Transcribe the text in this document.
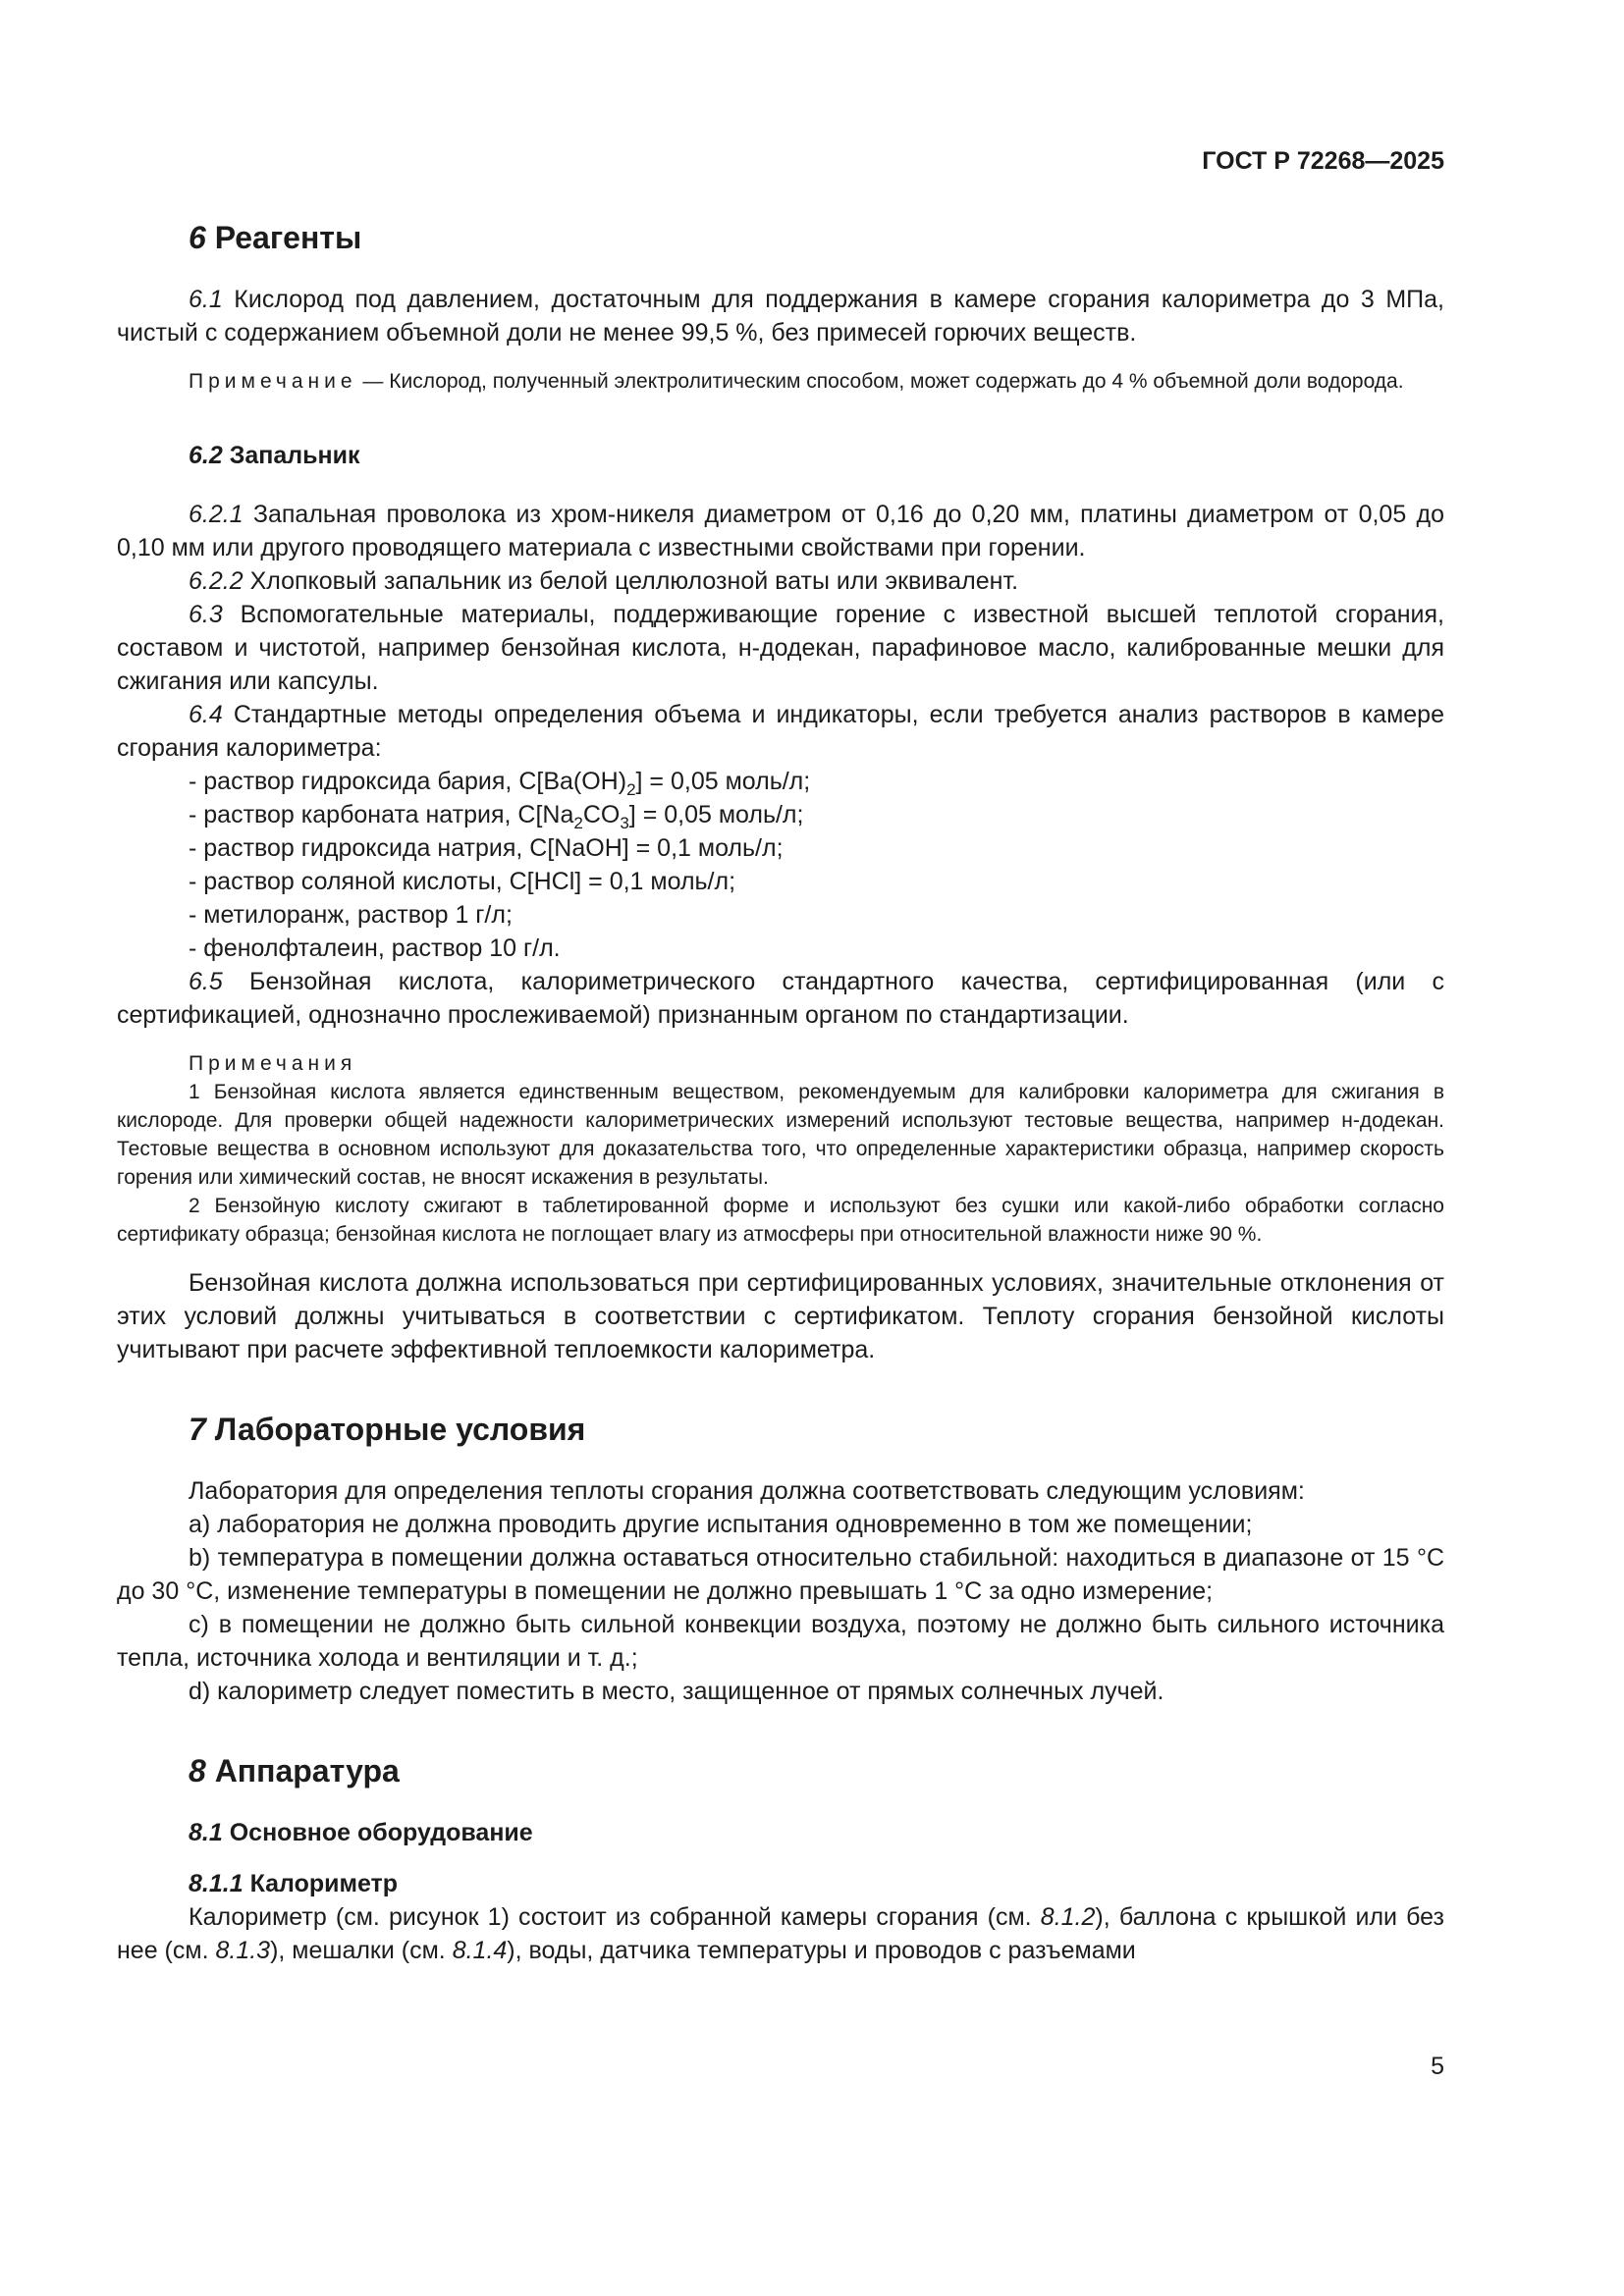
ГОСТ Р 72268—2025
6 Реагенты

6.1 Кислород под давлением, достаточным для поддержания в камере сгорания калориметра до 3 МПа, чистый с содержанием объемной доли не менее 99,5 %, без примесей горючих веществ.

Примечание — Кислород, полученный электролитическим способом, может содержать до 4 % объемной доли водорода.

6.2 Запальник

6.2.1 Запальная проволока из хром-никеля диаметром от 0,16 до 0,20 мм, платины диаметром от 0,05 до 0,10 мм или другого проводящего материала с известными свойствами при горении.

6.2.2 Хлопковый запальник из белой целлюлозной ваты или эквивалент.

6.3 Вспомогательные материалы, поддерживающие горение с известной высшей теплотой сгорания, составом и чистотой, например бензойная кислота, н-додекан, парафиновое масло, калиброванные мешки для сжигания или капсулы.

6.4 Стандартные методы определения объема и индикаторы, если требуется анализ растворов в камере сгорания калориметра:

- раствор гидроксида бария, $C[Ba(OH)_2] = 0,05$ моль/л;
- раствор карбоната натрия, $C[Na_2CO_3] = 0,05$ моль/л;
- раствор гидроксида натрия, C[NaOH] = 0,1 моль/л;
- раствор соляной кислоты, C[HCl] = 0,1 моль/л;
- метилоранж, раствор 1 г/л;
- фенолфталеин, раствор 10 г/л.

6.5 Бензойная кислота, калориметрического стандартного качества, сертифицированная (или с сертификацией, однозначно прослеживаемой) признанным органом по стандартизации.

Примечания

1 Бензойная кислота является единственным веществом, рекомендуемым для калибровки калориметра для сжигания в кислороде. Для проверки общей надежности калориметрических измерений используют тестовые вещества, например н-додекан. Тестовые вещества в основном используют для доказательства того, что определенные характеристики образца, например скорость горения или химический состав, не вносят искажения в результаты.

2 Бензойную кислоту сжигают в таблетированной форме и используют без сушки или какой-либо обработки согласно сертификату образца; бензойная кислота не поглощает влагу из атмосферы при относительной влажности ниже 90 %.

Бензойная кислота должна использоваться при сертифицированных условиях, значительные отклонения от этих условий должны учитываться в соответствии с сертификатом. Теплоту сгорания бензойной кислоты учитывают при расчете эффективной теплоемкости калориметра.

7 Лабораторные условия

Лаборатория для определения теплоты сгорания должна соответствовать следующим условиям:

а) лаборатория не должна проводить другие испытания одновременно в том же помещении;

b) температура в помещении должна оставаться относительно стабильной: находиться в диапазоне от 15 °С до 30 °С, изменение температуры в помещении не должно превышать 1 °С за одно измерение;

c) в помещении не должно быть сильной конвекции воздуха, поэтому не должно быть сильного источника тепла, источника холода и вентиляции и т. д.;

d) калориметр следует поместить в место, защищенное от прямых солнечных лучей.

8 Аппаратура
8.1 Основное оборудование
8.1.1 Калориметр

Калориметр (см. рисунок 1) состоит из собранной камеры сгорания (см. 8.1.2), баллона с крышкой или без нее (см. 8.1.3), мешалки (см. 8.1.4), воды, датчика температуры и проводов с разъемами

5
